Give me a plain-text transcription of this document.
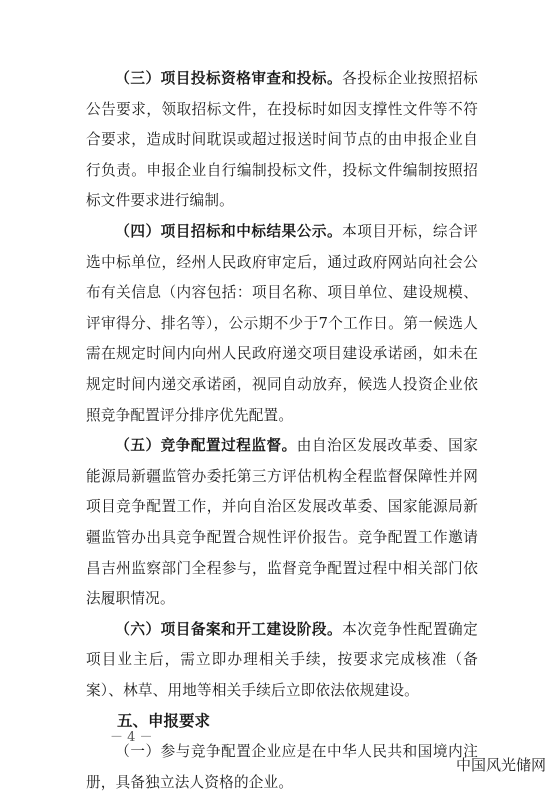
（三）项目投标资格审查和投标。各投标企业按照招标公告要求，领取招标文件，在投标时如因支撑性文件等不符合要求，造成时间耽误或超过报送时间节点的由申报企业自行负责。申报企业自行编制投标文件，投标文件编制按照招标文件要求进行编制。

（四）项目招标和中标结果公示。本项目开标，综合评选中标单位，经州人民政府审定后，通过政府网站向社会公布有关信息（内容包括：项目名称、项目单位、建设规模、评审得分、排名等），公示期不少于7个工作日。第一候选人需在规定时间内向州人民政府递交项目建设承诺函，如未在规定时间内递交承诺函，视同自动放弃，候选人投资企业依照竞争配置评分排序优先配置。

（五）竞争配置过程监督。由自治区发展改革委、国家能源局新疆监管办委托第三方评估机构全程监督保障性并网项目竞争配置工作，并向自治区发展改革委、国家能源局新疆监管办出具竞争配置合规性评价报告。竞争配置工作邀请昌吉州监察部门全程参与，监督竞争配置过程中相关部门依法履职情况。

（六）项目备案和开工建设阶段。本次竞争性配置确定项目业主后，需立即办理相关手续，按要求完成核准（备案）、林草、用地等相关手续后立即依法依规建设。

五、申报要求

（一）参与竞争配置企业应是在中华人民共和国境内注册，具备独立法人资格的企业。

－ 4 －
中国风光储网
